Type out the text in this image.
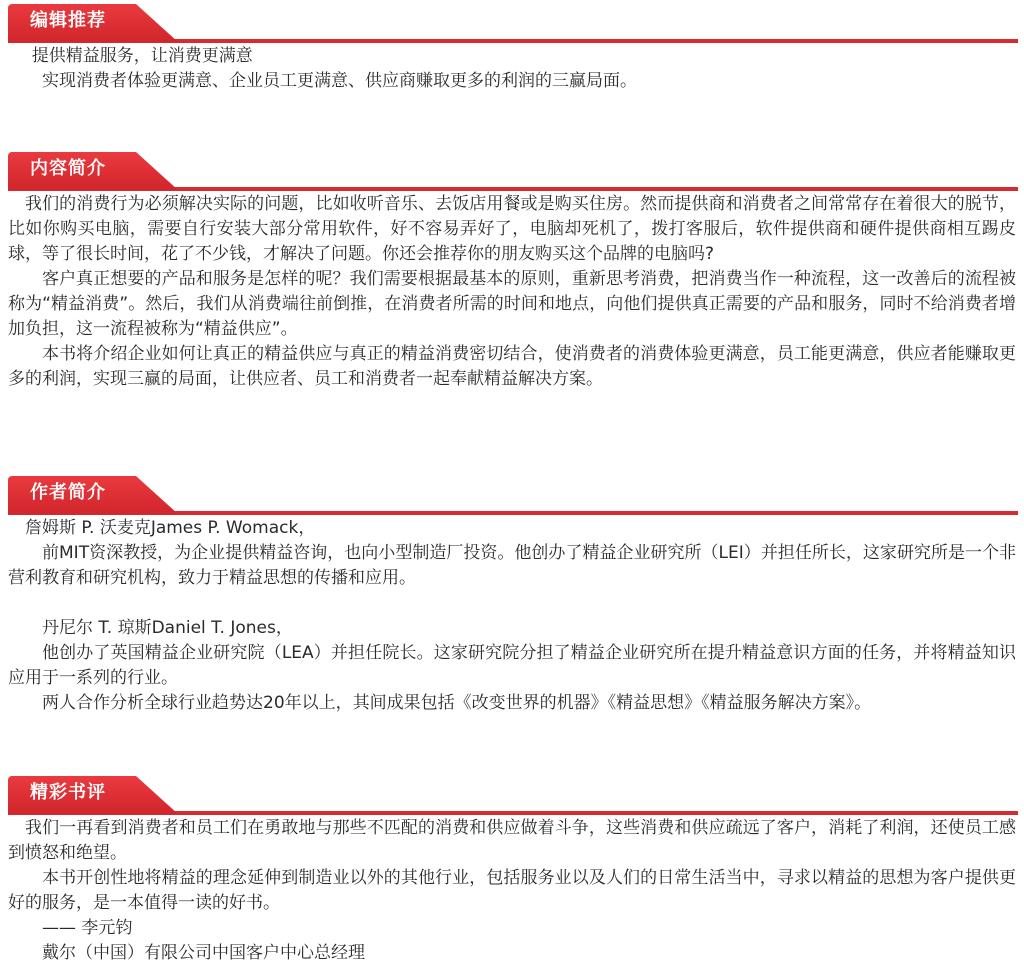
编辑推荐

提供精益服务，让消费更满意

实现消费者体验更满意、企业员工更满意、供应商赚取更多的利润的三赢局面。

内容简介

我们的消费行为必须解决实际的问题，比如收听音乐、去饭店用餐或是购买住房。然而提供商和消费者之间常常存在着很大的脱节，比如你购买电脑，需要自行安装大部分常用软件，好不容易弄好了，电脑却死机了，拨打客服后，软件提供商和硬件提供商相互踢皮球，等了很长时间，花了不少钱，才解决了问题。你还会推荐你的朋友购买这个品牌的电脑吗?

客户真正想要的产品和服务是怎样的呢？我们需要根据最基本的原则，重新思考消费，把消费当作一种流程，这一改善后的流程被称为“精益消费”。然后，我们从消费端往前倒推，在消费者所需的时间和地点，向他们提供真正需要的产品和服务，同时不给消费者增加负担，这一流程被称为“精益供应”。

本书将介绍企业如何让真正的精益供应与真正的精益消费密切结合，使消费者的消费体验更满意，员工能更满意，供应者能赚取更多的利润，实现三赢的局面，让供应者、员工和消费者一起奉献精益解决方案。

作者简介

詹姆斯 P. 沃麦克James P. Womack，

前MIT资深教授，为企业提供精益咨询，也向小型制造厂投资。他创办了精益企业研究所（LEI）并担任所长，这家研究所是一个非营利教育和研究机构，致力于精益思想的传播和应用。

丹尼尔 T. 琼斯Daniel T. Jones，

他创办了英国精益企业研究院（LEA）并担任院长。这家研究院分担了精益企业研究所在提升精益意识方面的任务，并将精益知识应用于一系列的行业。

两人合作分析全球行业趋势达20年以上，其间成果包括《改变世界的机器》《精益思想》《精益服务解决方案》。

精彩书评

我们一再看到消费者和员工们在勇敢地与那些不匹配的消费和供应做着斗争，这些消费和供应疏远了客户，消耗了利润，还使员工感到愤怒和绝望。

本书开创性地将精益的理念延伸到制造业以外的其他行业，包括服务业以及人们的日常生活当中，寻求以精益的思想为客户提供更好的服务，是一本值得一读的好书。

—— 李元钧

戴尔（中国）有限公司中国客户中心总经理
